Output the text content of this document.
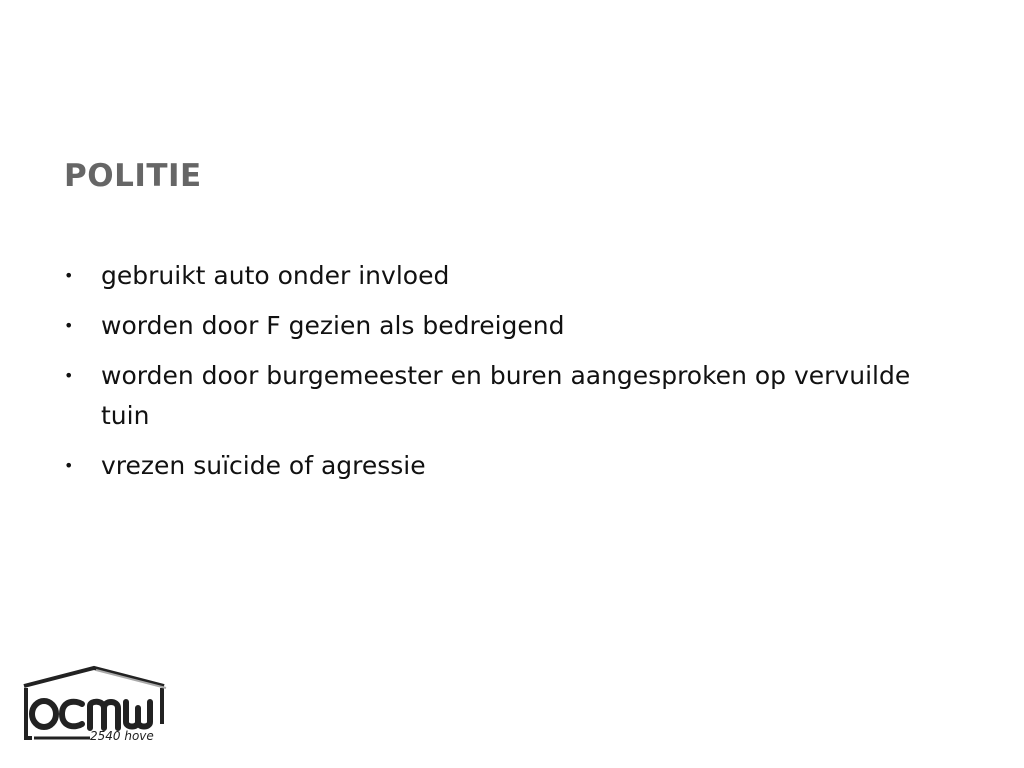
POLITIE
• gebruikt auto onder invloed
• worden door F gezien als bedreigend
• worden door burgemeester en buren aangesproken op vervuilde tuin
• vrezen suïcide of agressie
2540 hove
